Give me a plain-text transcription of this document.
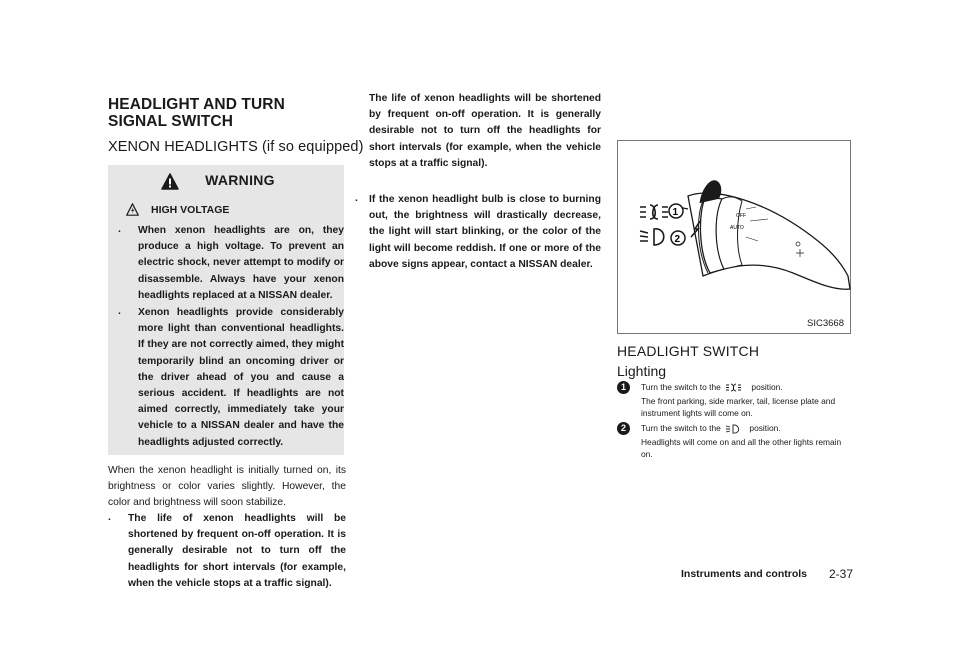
HEADLIGHT AND TURN SIGNAL SWITCH
XENON HEADLIGHTS (if so equipped)
WARNING
HIGH VOLTAGE
. When xenon headlights are on, they produce a high voltage. To prevent an electric shock, never attempt to modify or disassemble. Always have your xenon headlights replaced at a NISSAN dealer.
. Xenon headlights provide considerably more light than conventional headlights. If they are not correctly aimed, they might temporarily blind an oncoming driver or the driver ahead of you and cause a serious accident. If headlights are not aimed correctly, immediately take your vehicle to a NISSAN dealer and have the headlights adjusted correctly.
When the xenon headlight is initially turned on, its brightness or color varies slightly. However, the color and brightness will soon stabilize.
. The life of xenon headlights will be shortened by frequent on-off operation. It is generally desirable not to turn off the headlights for short intervals (for example, when the vehicle stops at a traffic signal).
The life of xenon headlights will be shortened by frequent on-off operation. It is generally desirable not to turn off the headlights for short intervals (for example, when the vehicle stops at a traffic signal).
. If the xenon headlight bulb is close to burning out, the brightness will drastically decrease, the light will start blinking, or the color of the light will become reddish. If one or more of the above signs appear, contact a NISSAN dealer.
OFF
AUTO
1
2
SIC3668
HEADLIGHT SWITCH
Lighting
1	Turn the switch to the	position.
The front parking, side marker, tail, license plate and instrument lights will come on.
2	Turn the switch to the	position.
Headlights will come on and all the other lights remain on.
Instruments and controls 2-37
